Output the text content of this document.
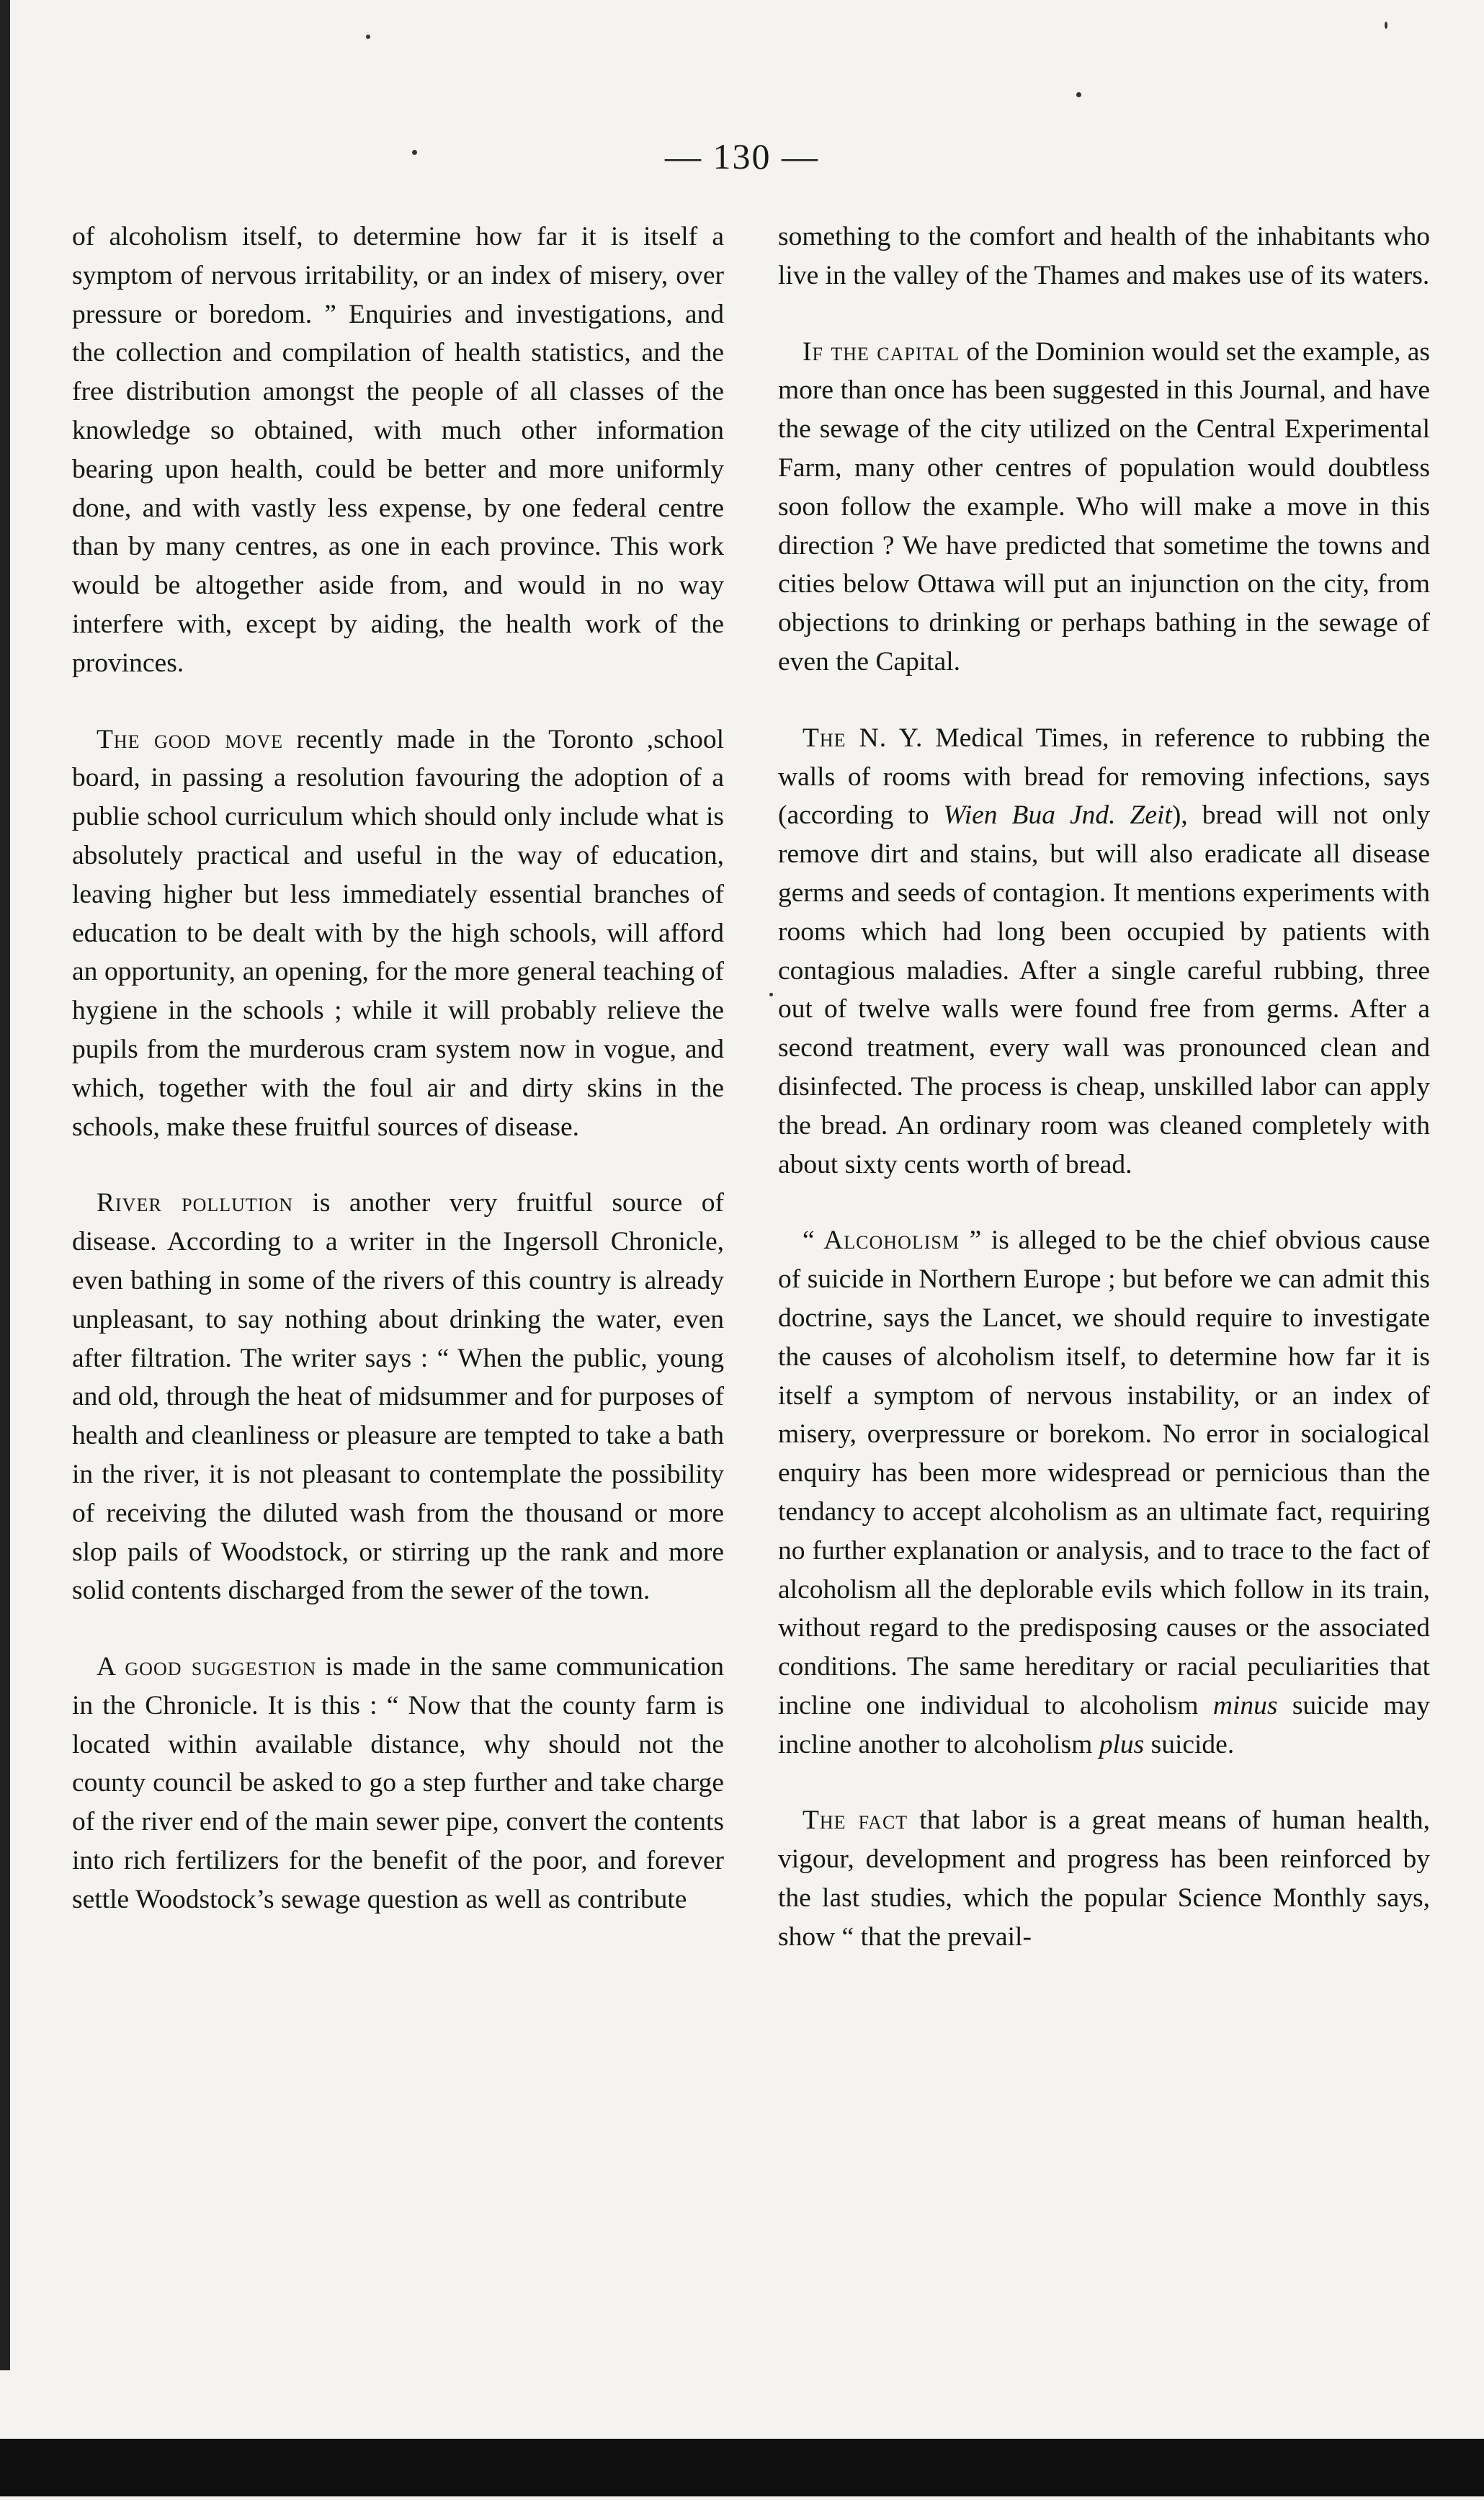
— 130 —

of alcoholism itself, to determine how far it is itself a symptom of nervous irritability, or an index of misery, over pressure or boredom. ” Enquiries and investigations, and the collection and compilation of health statistics, and the free distribution amongst the people of all classes of the knowledge so obtained, with much other information bearing upon health, could be better and more uniformly done, and with vastly less expense, by one federal centre than by many centres, as one in each province. This work would be altogether aside from, and would in no way interfere with, except by aiding, the health work of the provinces.

The good move recently made in the Toronto ,school board, in passing a resolution favouring the adoption of a publie school curriculum which should only include what is absolutely practical and useful in the way of education, leaving higher but less immediately essential branches of education to be dealt with by the high schools, will afford an opportunity, an opening, for the more general teaching of hygiene in the schools ; while it will probably relieve the pupils from the murderous cram system now in vogue, and which, together with the foul air and dirty skins in the schools, make these fruitful sources of disease.

River pollution is another very fruitful source of disease. According to a writer in the Ingersoll Chronicle, even bathing in some of the rivers of this country is already unpleasant, to say nothing about drinking the water, even after filtration. The writer says : “ When the public, young and old, through the heat of midsummer and for purposes of health and cleanliness or pleasure are tempted to take a bath in the river, it is not pleasant to contemplate the possibility of receiving the diluted wash from the thousand or more slop pails of Woodstock, or stirring up the rank and more solid contents discharged from the sewer of the town.

A good suggestion is made in the same communication in the Chronicle. It is this : “ Now that the county farm is located within available distance, why should not the county council be asked to go a step further and take charge of the river end of the main sewer pipe, convert the contents into rich fertilizers for the benefit of the poor, and forever settle Woodstock’s sewage question as well as contribute

something to the comfort and health of the inhabitants who live in the valley of the Thames and makes use of its waters.

If the capital of the Dominion would set the example, as more than once has been suggested in this Journal, and have the sewage of the city utilized on the Central Experimental Farm, many other centres of population would doubtless soon follow the example. Who will make a move in this direction ? We have predicted that sometime the towns and cities below Ottawa will put an injunction on the city, from objections to drinking or perhaps bathing in the sewage of even the Capital.

The N. Y. Medical Times, in reference to rubbing the walls of rooms with bread for removing infections, says (according to Wien Bua Jnd. Zeit), bread will not only remove dirt and stains, but will also eradicate all disease germs and seeds of contagion. It mentions experiments with rooms which had long been occupied by patients with contagious maladies. After a single careful rubbing, three out of twelve walls were found free from germs. After a second treatment, every wall was pronounced clean and disinfected. The process is cheap, unskilled labor can apply the bread. An ordinary room was cleaned completely with about sixty cents worth of bread.

“ Alcoholism ” is alleged to be the chief obvious cause of suicide in Northern Europe ; but before we can admit this doctrine, says the Lancet, we should require to investigate the causes of alcoholism itself, to determine how far it is itself a symptom of nervous instability, or an index of misery, overpressure or borekom. No error in socialogical enquiry has been more widespread or pernicious than the tendancy to accept alcoholism as an ultimate fact, requiring no further explanation or analysis, and to trace to the fact of alcoholism all the deplorable evils which follow in its train, without regard to the predisposing causes or the associated conditions. The same hereditary or racial peculiarities that incline one individual to alcoholism minus suicide may incline another to alcoholism plus suicide.

The fact that labor is a great means of human health, vigour, development and progress has been reinforced by the last studies, which the popular Science Monthly says, show “ that the prevail-
